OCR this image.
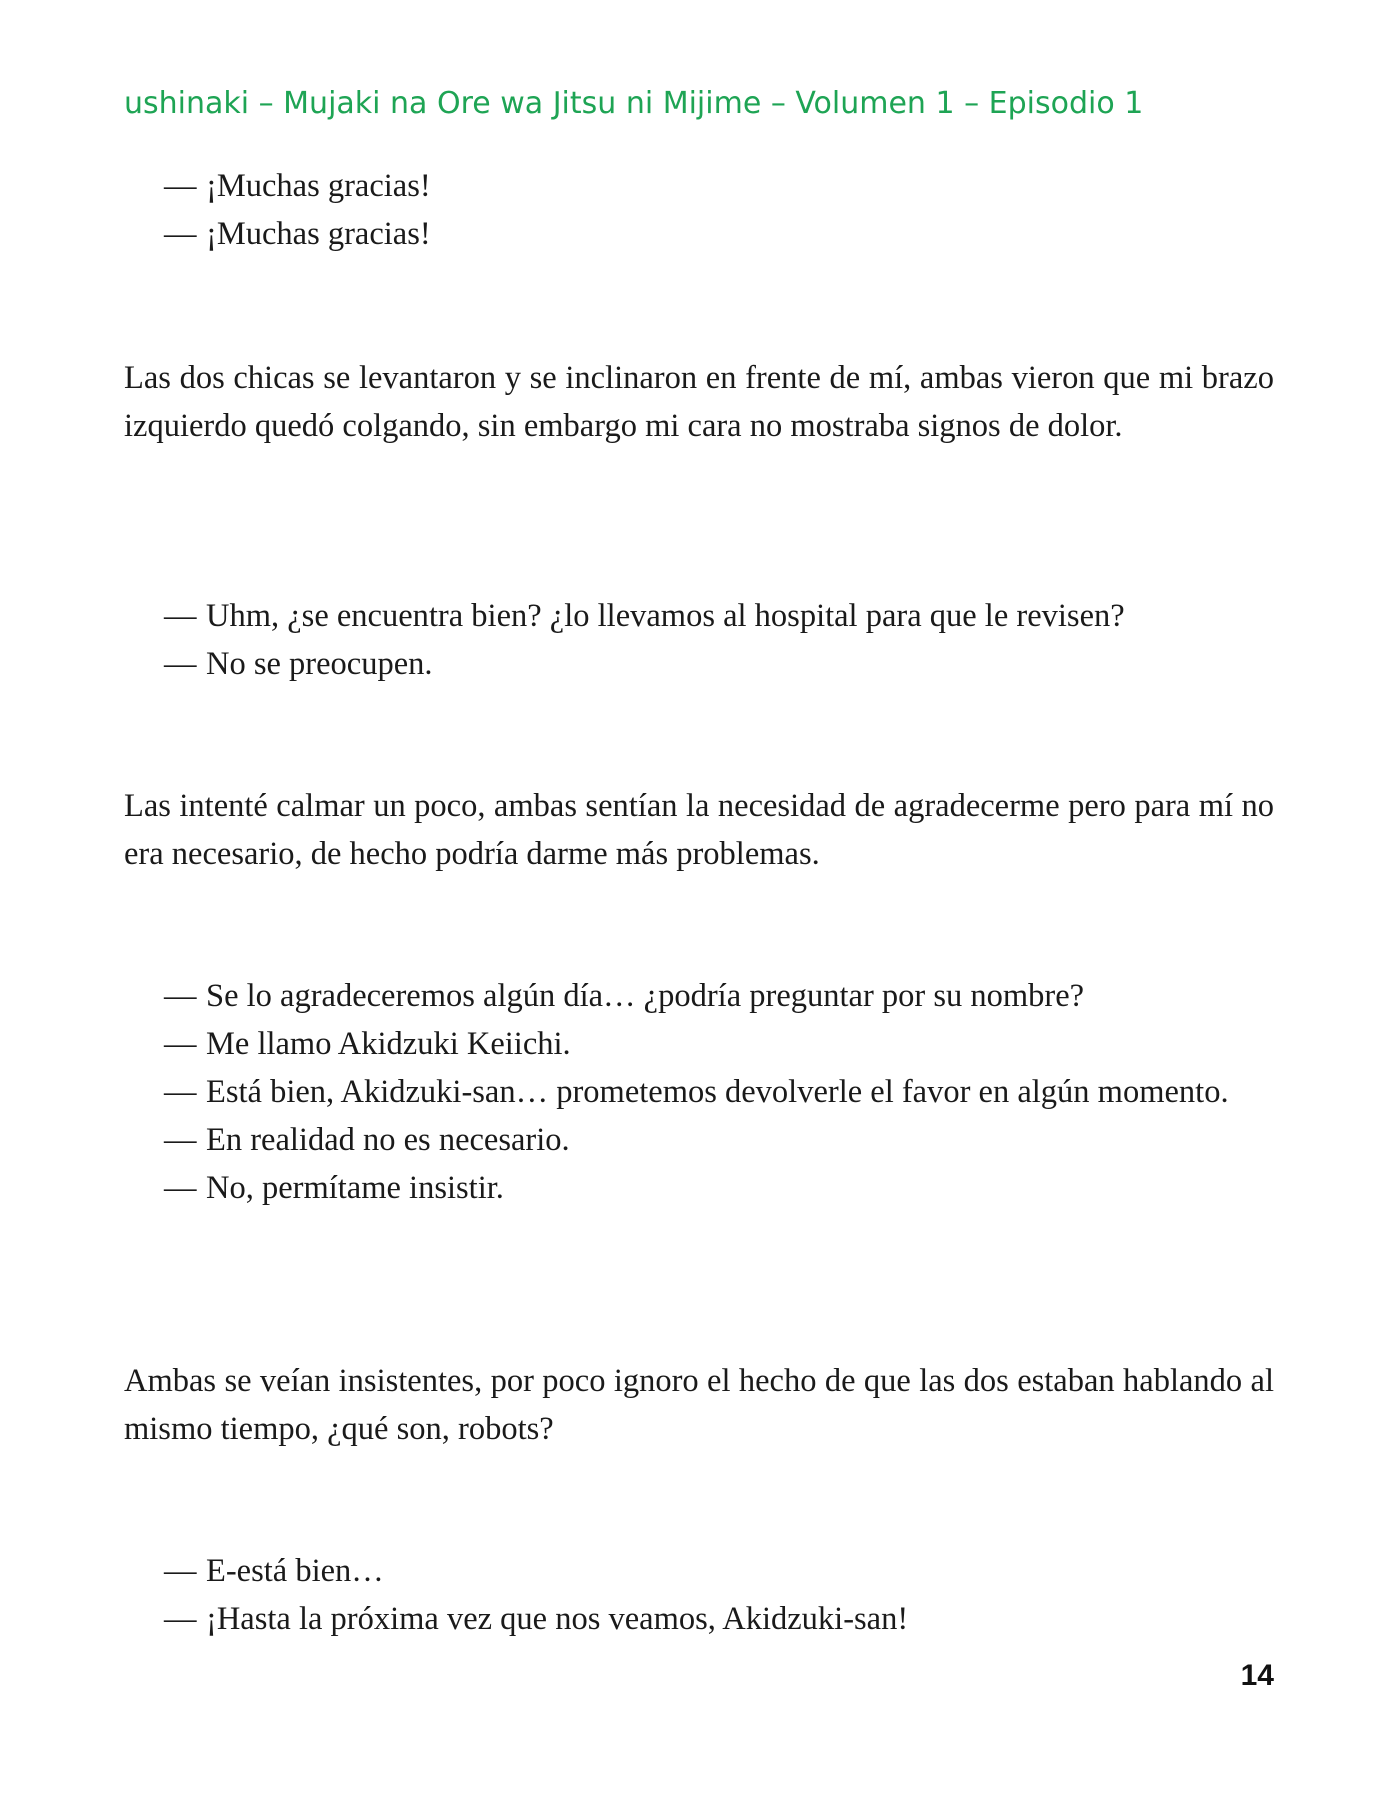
ushinaki – Mujaki na Ore wa Jitsu ni Mijime – Volumen 1 – Episodio 1
— ¡Muchas gracias!
— ¡Muchas gracias!

Las dos chicas se levantaron y se inclinaron en frente de mí, ambas vieron que mi brazo izquierdo quedó colgando, sin embargo mi cara no mostraba signos de dolor.

— Uhm, ¿se encuentra bien? ¿lo llevamos al hospital para que le revisen?
— No se preocupen.

Las intenté calmar un poco, ambas sentían la necesidad de agradecerme pero para mí no era necesario, de hecho podría darme más problemas.

— Se lo agradeceremos algún día… ¿podría preguntar por su nombre?
— Me llamo Akidzuki Keiichi.
— Está bien, Akidzuki-san… prometemos devolverle el favor en algún momento.
— En realidad no es necesario.
— No, permítame insistir.

Ambas se veían insistentes, por poco ignoro el hecho de que las dos estaban hablando al mismo tiempo, ¿qué son, robots?

— E-está bien…
— ¡Hasta la próxima vez que nos veamos, Akidzuki-san!
14
